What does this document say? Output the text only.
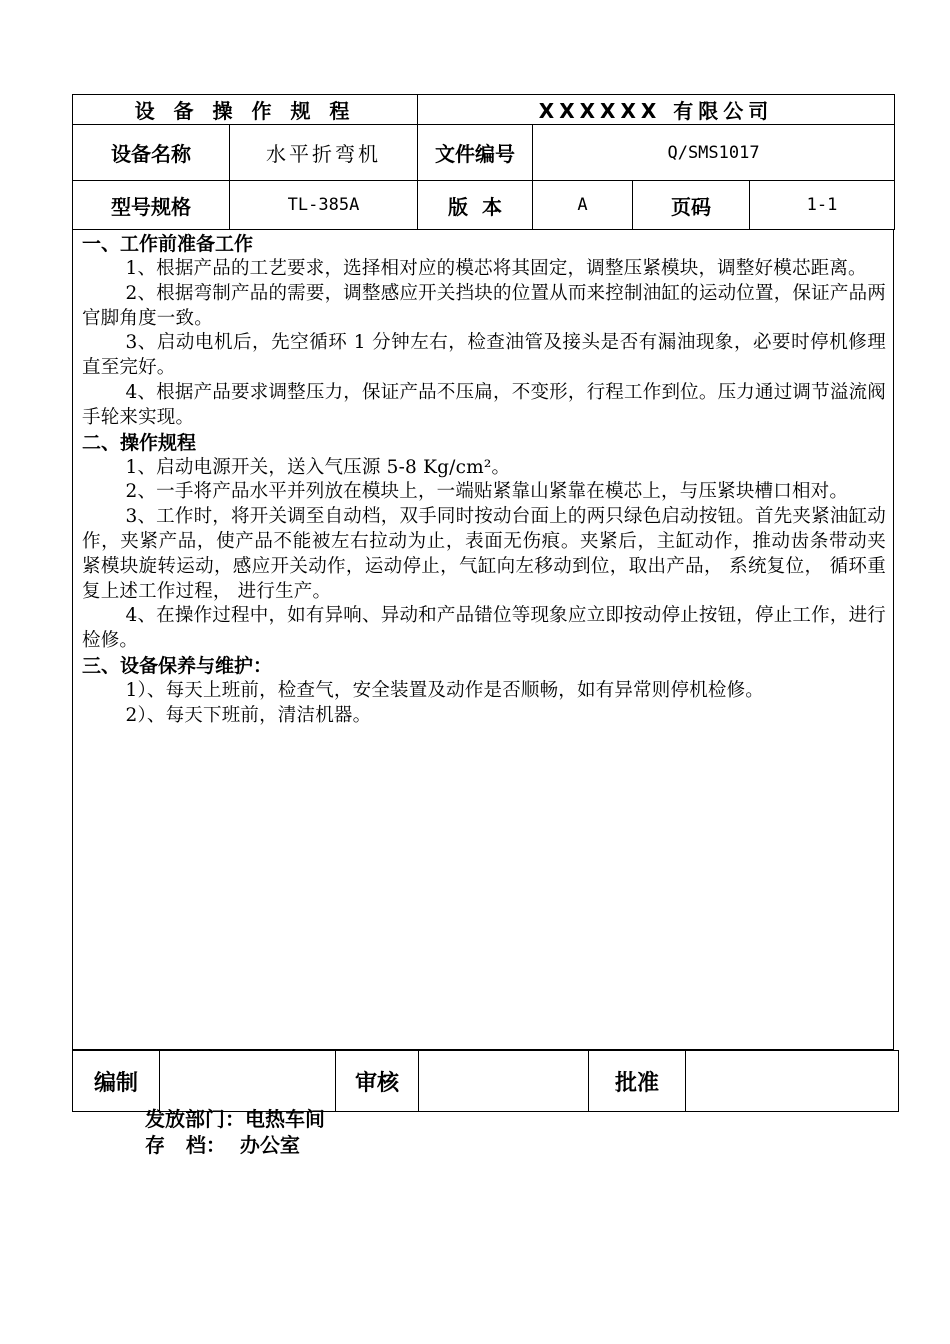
设 备 操 作 规 程		XXXXXX 有限公司			
设备名称	水平折弯机	文件编号	Q/SMS1017		
型号规格	TL-385A	版  本	A	页码	1-1

一、工作前准备工作

1、根据产品的工艺要求，选择相对应的模芯将其固定，调整压紧模块，调整好模芯距离。

2、根据弯制产品的需要，调整感应开关挡块的位置从而来控制油缸的运动位置，保证产品两官脚角度一致。

3、启动电机后，先空循环 1 分钟左右，检查油管及接头是否有漏油现象，必要时停机修理直至完好。

4、根据产品要求调整压力，保证产品不压扁，不变形，行程工作到位。压力通过调节溢流阀手轮来实现。

二、操作规程

1、启动电源开关，送入气压源 5-8 Kg/cm²。

2、一手将产品水平并列放在模块上，一端贴紧靠山紧靠在模芯上，与压紧块槽口相对。

3、工作时，将开关调至自动档，双手同时按动台面上的两只绿色启动按钮。首先夹紧油缸动作，夹紧产品，使产品不能被左右拉动为止，表面无伤痕。夹紧后，主缸动作，推动齿条带动夹紧模块旋转运动，感应开关动作，运动停止，气缸向左移动到位，取出产品， 系统复位， 循环重复上述工作过程， 进行生产。

4、在操作过程中，如有异响、异动和产品错位等现象应立即按动停止按钮，停止工作，进行检修。

三、设备保养与维护：

1）、每天上班前，检查气，安全装置及动作是否顺畅，如有异常则停机检修。

2）、每天下班前，清洁机器。

编制		审核		批准	
发放部门：电热车间
存   档：  办公室
